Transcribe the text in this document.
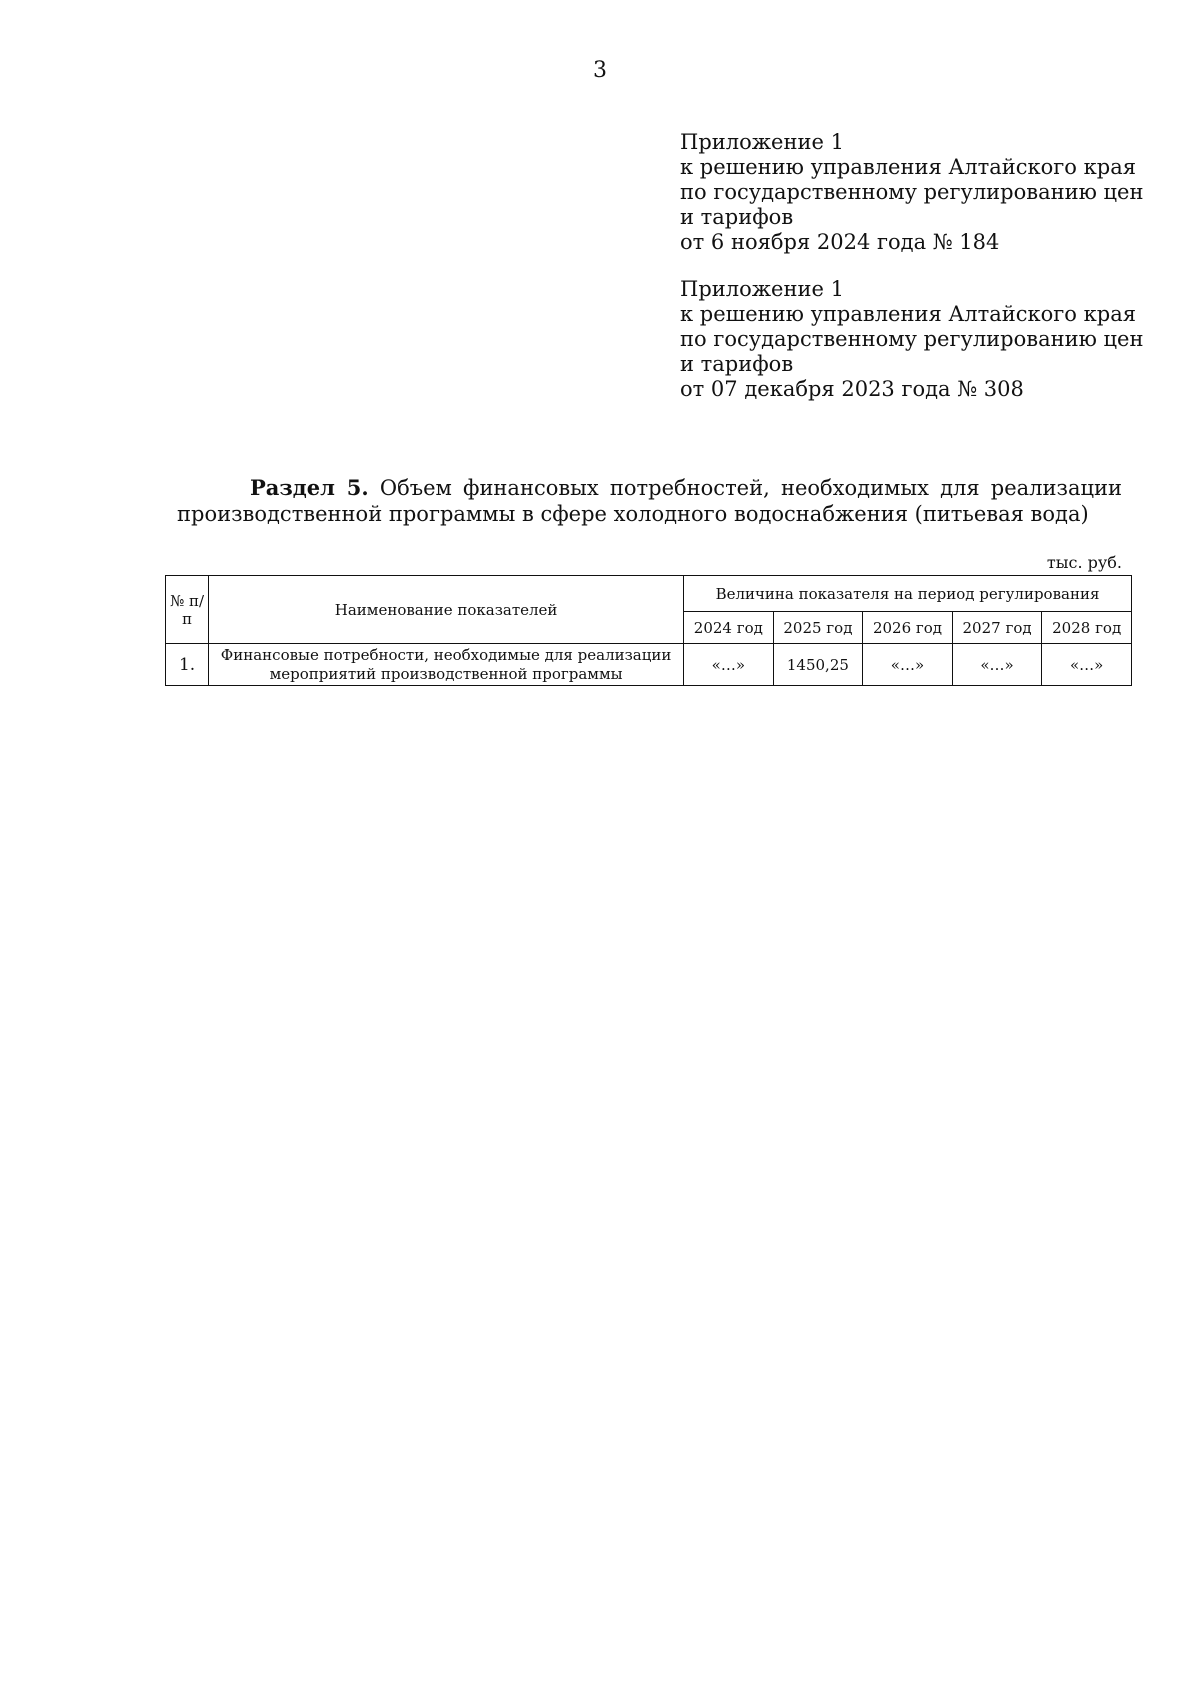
3
Приложение 1
к решению управления Алтайского края
по государственному регулированию цен
и тарифов
от 6 ноября 2024 года № 184
Приложение 1
к решению управления Алтайского края
по государственному регулированию цен
и тарифов
от 07 декабря 2023 года № 308
Раздел 5. Объем финансовых потребностей, необходимых для реализации
производственной программы в сфере холодного водоснабжения (питьевая вода)
тыс. руб.
№ п/п	Наименование показателей	Величина показателя на период регулирования				
		2024 год	2025 год	2026 год	2027 год	2028 год
1.	Финансовые потребности, необходимые для реализации мероприятий производственной программы	«…»	1450,25	«…»	«…»	«…»
